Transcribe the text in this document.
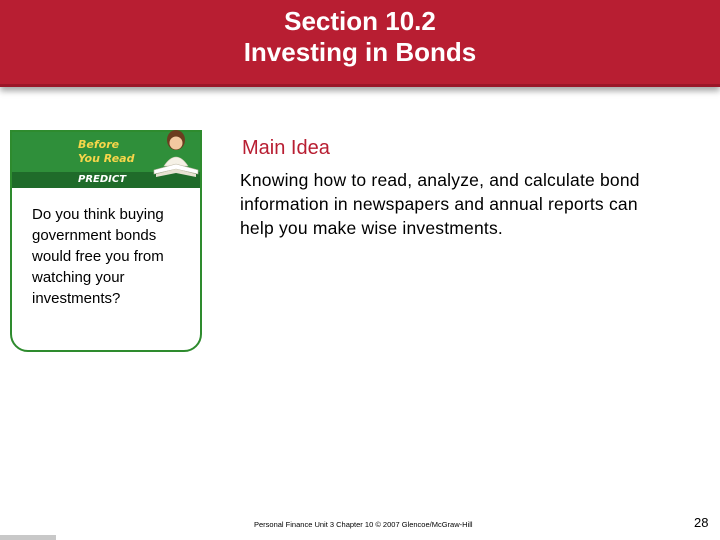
Section 10.2
Investing in Bonds
Before
You Read
PREDICT
Do you think buying government bonds would free you from watching your investments?
Main Idea
Knowing how to read, analyze, and calculate bond information in newspapers and annual reports can help you make wise investments.
Personal Finance Unit 3 Chapter 10 © 2007 Glencoe/McGraw-Hill	28
